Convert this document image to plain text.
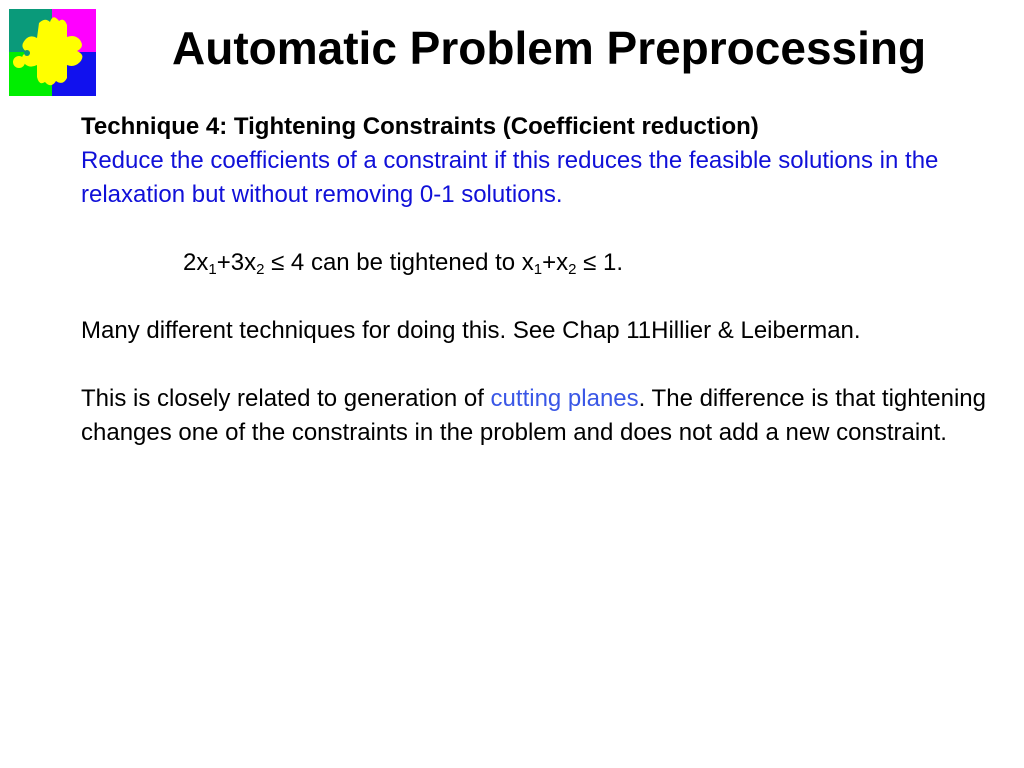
Automatic Problem Preprocessing

Technique 4: Tightening Constraints (Coefficient reduction)

Reduce the coefficients of a constraint if this reduces the feasible solutions in the relaxation but without removing 0-1 solutions.

$2x_1+3x_2 \le 4$ can be tightened to $x_1+x_2 \le 1$.

Many different techniques for doing this. See Chap 11Hillier & Leiberman.

This is closely related to generation of cutting planes. The difference is that tightening changes one of the constraints in the problem and does not add a new constraint.
